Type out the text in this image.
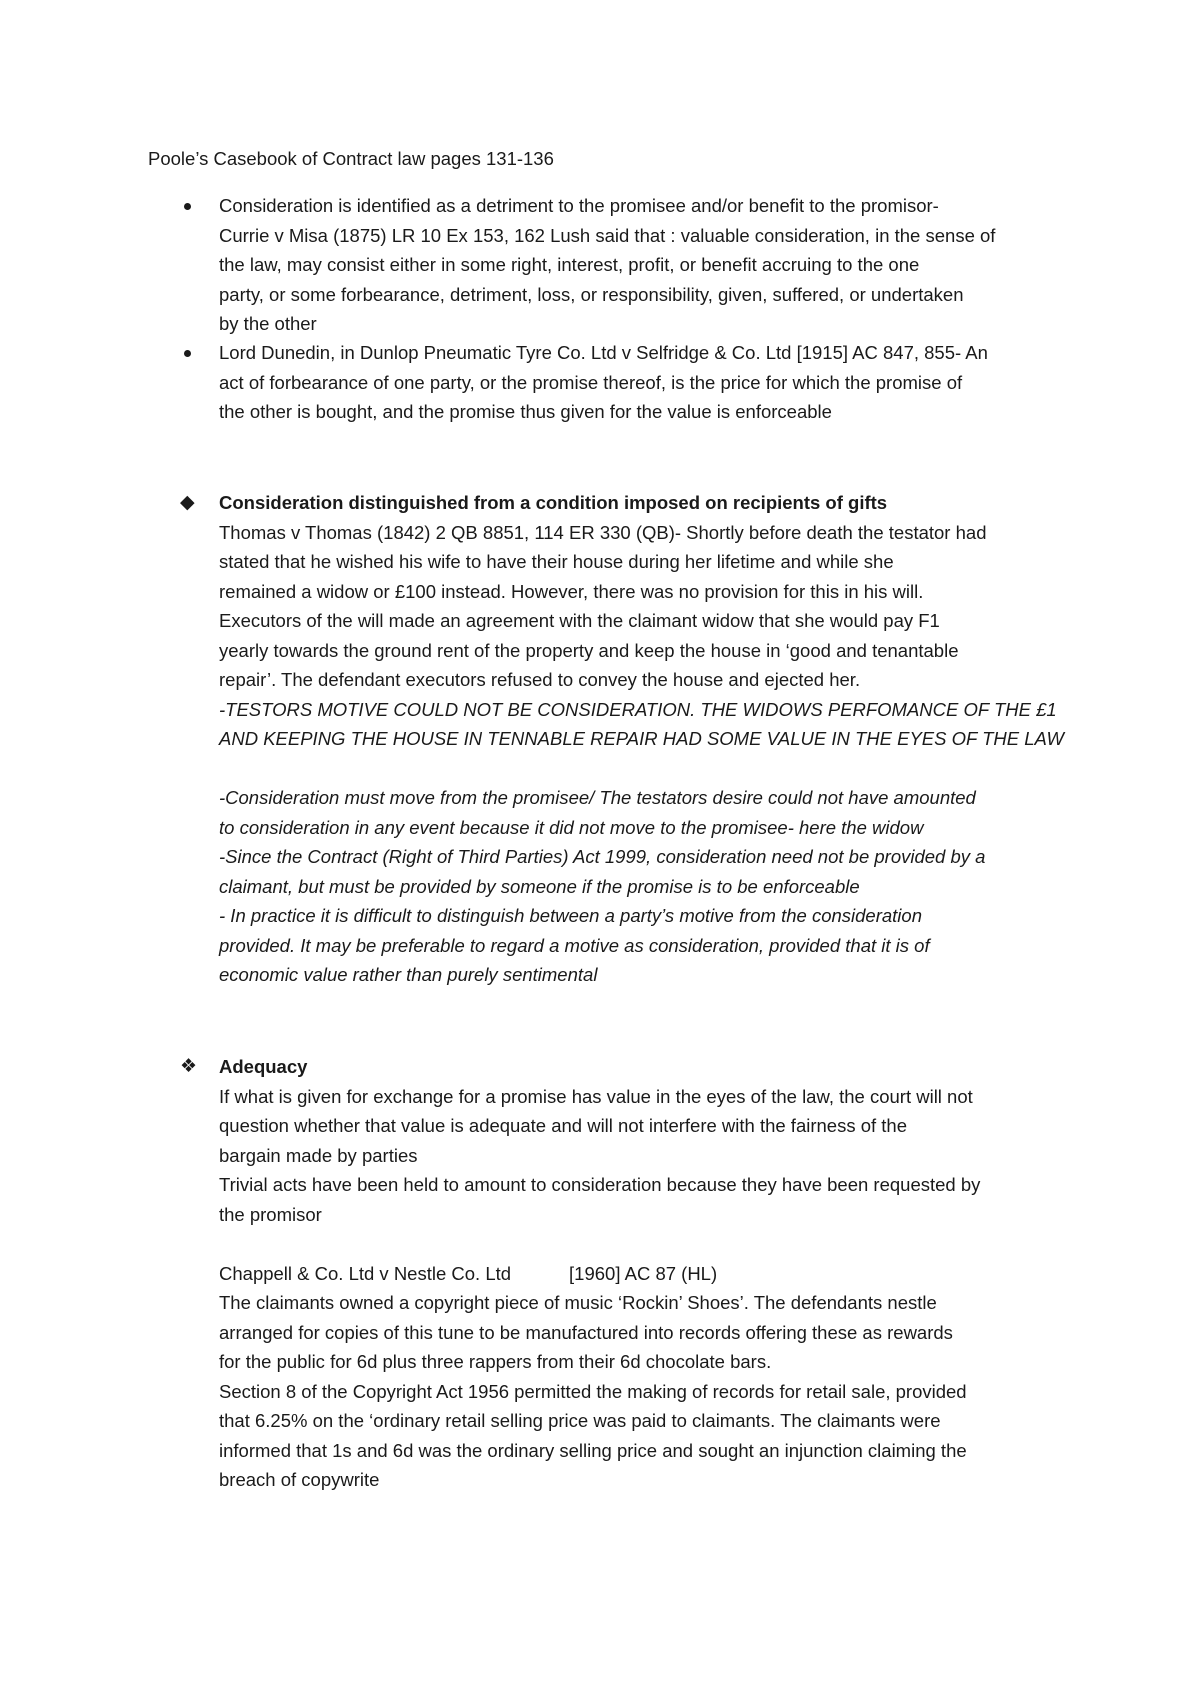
Poole’s Casebook of Contract law pages 131-136
Consideration is identified as a detriment to the promisee and/or benefit to the promisor-
Currie v Misa (1875) LR 10 Ex 153, 162 Lush said that : valuable consideration, in the sense of
the law, may consist either in some right, interest, profit, or benefit accruing to the one
party, or some forbearance, detriment, loss, or responsibility, given, suffered, or undertaken
by the other
Lord Dunedin, in Dunlop Pneumatic Tyre Co. Ltd v Selfridge & Co. Ltd [1915] AC 847, 855- An
act of forbearance of one party, or the promise thereof, is the price for which the promise of
the other is bought, and the promise thus given for the value is enforceable
◆ Consideration distinguished from a condition imposed on recipients of gifts
Thomas v Thomas (1842) 2 QB 8851, 114 ER 330 (QB)- Shortly before death the testator had
stated that he wished his wife to have their house during her lifetime and while she
remained a widow or £100 instead. However, there was no provision for this in his will.
Executors of the will made an agreement with the claimant widow that she would pay F1
yearly towards the ground rent of the property and keep the house in ‘good and tenantable
repair’. The defendant executors refused to convey the house and ejected her.
-TESTORS MOTIVE COULD NOT BE CONSIDERATION. THE WIDOWS PERFOMANCE OF THE £1
AND KEEPING THE HOUSE IN TENNABLE REPAIR HAD SOME VALUE IN THE EYES OF THE LAW
-Consideration must move from the promisee/ The testators desire could not have amounted
to consideration in any event because it did not move to the promisee- here the widow
-Since the Contract (Right of Third Parties) Act 1999, consideration need not be provided by a
claimant, but must be provided by someone if the promise is to be enforceable
- In practice it is difficult to distinguish between a party’s motive from the consideration
provided. It may be preferable to regard a motive as consideration, provided that it is of
economic value rather than purely sentimental
❖ Adequacy
If what is given for exchange for a promise has value in the eyes of the law, the court will not
question whether that value is adequate and will not interfere with the fairness of the
bargain made by parties
Trivial acts have been held to amount to consideration because they have been requested by
the promisor
Chappell & Co. Ltd v Nestle Co. Ltd	[1960] AC 87 (HL)
The claimants owned a copyright piece of music ‘Rockin’ Shoes’. The defendants nestle
arranged for copies of this tune to be manufactured into records offering these as rewards
for the public for 6d plus three rappers from their 6d chocolate bars.
Section 8 of the Copyright Act 1956 permitted the making of records for retail sale, provided
that 6.25% on the ‘ordinary retail selling price was paid to claimants. The claimants were
informed that 1s and 6d was the ordinary selling price and sought an injunction claiming the
breach of copywrite
